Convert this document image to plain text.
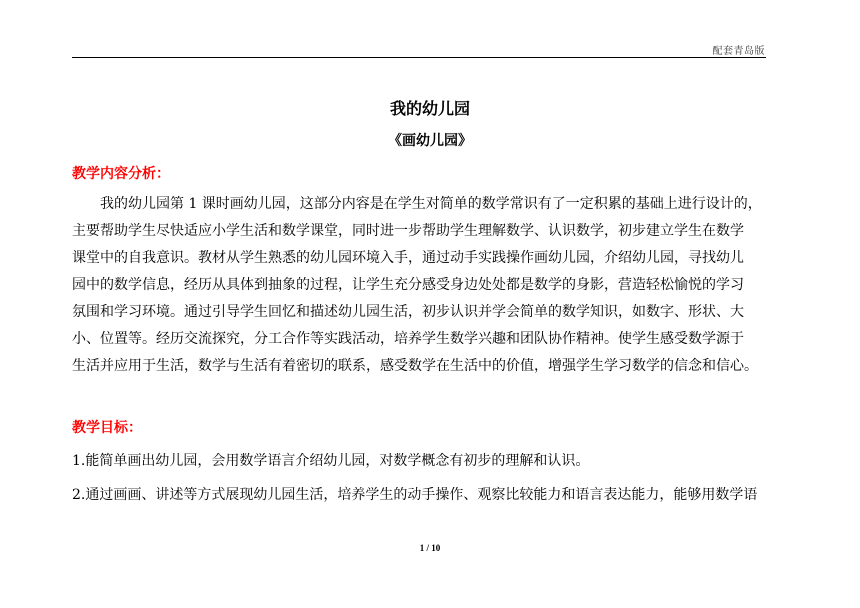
配套青岛版
我的幼儿园
《画幼儿园》
教学内容分析：
我的幼儿园第 1 课时画幼儿园，这部分内容是在学生对简单的数学常识有了一定积累的基础上进行设计的，
主要帮助学生尽快适应小学生活和数学课堂，同时进一步帮助学生理解数学、认识数学，初步建立学生在数学
课堂中的自我意识。教材从学生熟悉的幼儿园环境入手，通过动手实践操作画幼儿园，介绍幼儿园，寻找幼儿
园中的数学信息，经历从具体到抽象的过程，让学生充分感受身边处处都是数学的身影，营造轻松愉悦的学习
氛围和学习环境。通过引导学生回忆和描述幼儿园生活，初步认识并学会简单的数学知识，如数字、形状、大
小、位置等。经历交流探究，分工合作等实践活动，培养学生数学兴趣和团队协作精神。使学生感受数学源于
生活并应用于生活，数学与生活有着密切的联系，感受数学在生活中的价值，增强学生学习数学的信念和信心。
教学目标：
1.能简单画出幼儿园，会用数学语言介绍幼儿园，对数学概念有初步的理解和认识。
2.通过画画、讲述等方式展现幼儿园生活，培养学生的动手操作、观察比较能力和语言表达能力，能够用数学语
1 / 10
